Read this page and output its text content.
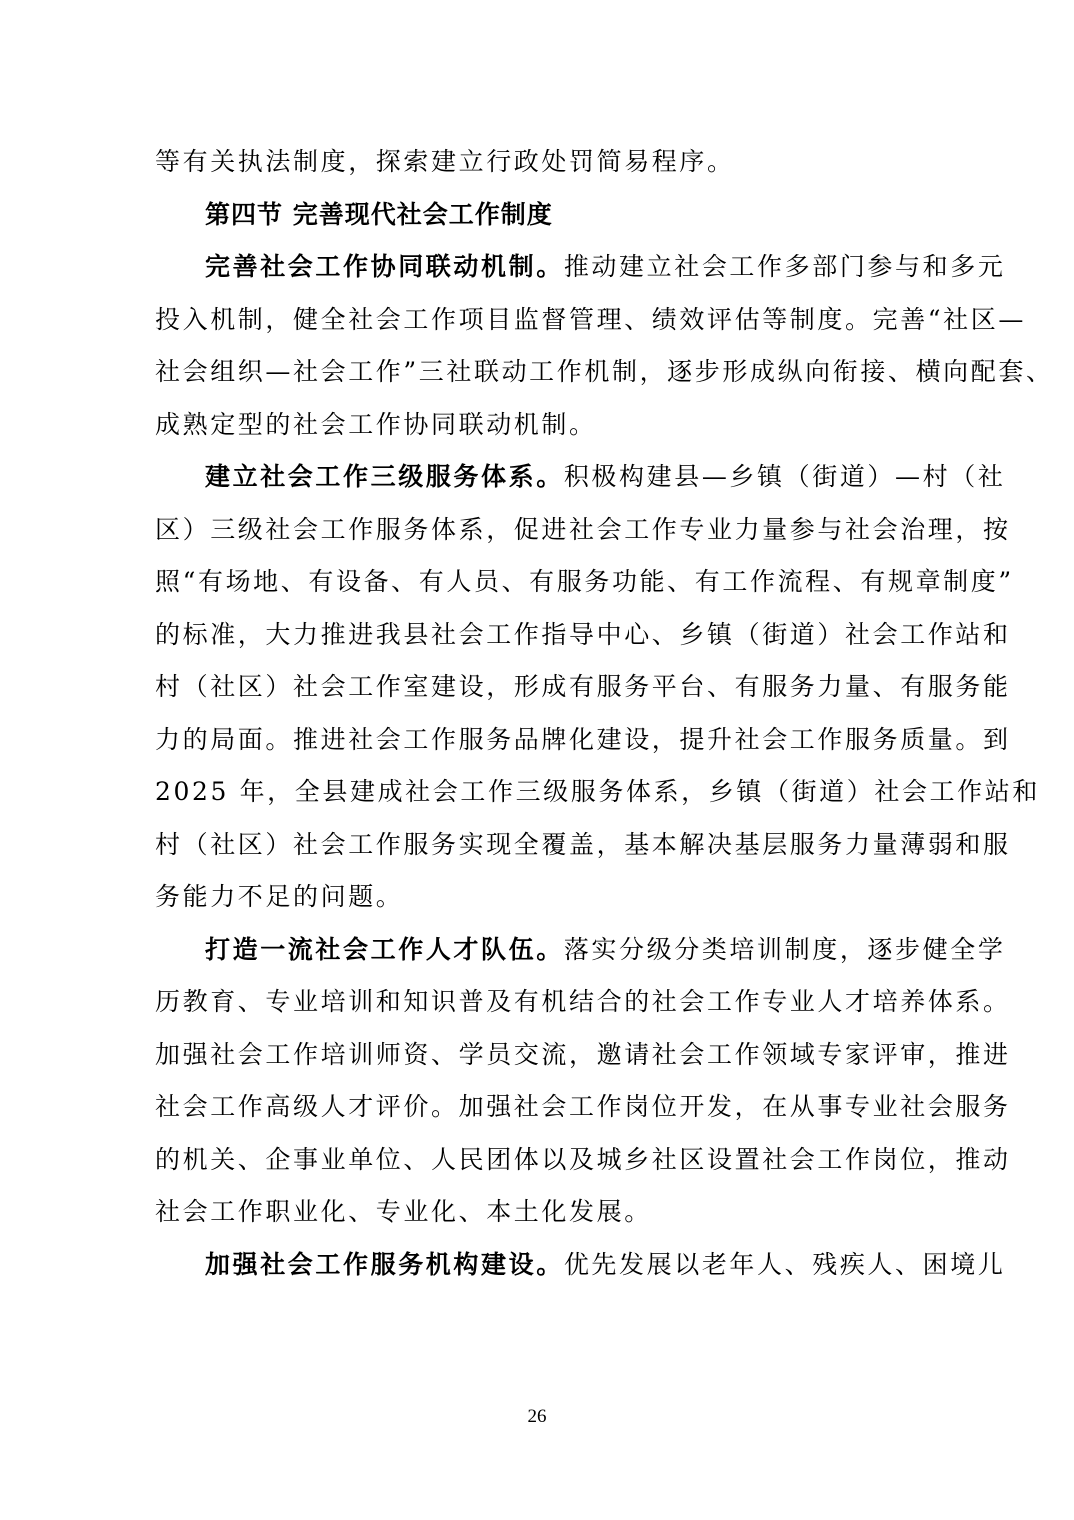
等有关执法制度，探索建立行政处罚简易程序。
第四节 完善现代社会工作制度
完善社会工作协同联动机制。推动建立社会工作多部门参与和多元
投入机制，健全社会工作项目监督管理、绩效评估等制度。完善“社区—
社会组织—社会工作”三社联动工作机制，逐步形成纵向衔接、横向配套、
成熟定型的社会工作协同联动机制。
建立社会工作三级服务体系。积极构建县—乡镇（街道）—村（社
区）三级社会工作服务体系，促进社会工作专业力量参与社会治理，按
照“有场地、有设备、有人员、有服务功能、有工作流程、有规章制度”
的标准，大力推进我县社会工作指导中心、乡镇（街道）社会工作站和
村（社区）社会工作室建设，形成有服务平台、有服务力量、有服务能
力的局面。推进社会工作服务品牌化建设，提升社会工作服务质量。到
2025 年，全县建成社会工作三级服务体系，乡镇（街道）社会工作站和
村（社区）社会工作服务实现全覆盖，基本解决基层服务力量薄弱和服
务能力不足的问题。
打造一流社会工作人才队伍。落实分级分类培训制度，逐步健全学
历教育、专业培训和知识普及有机结合的社会工作专业人才培养体系。
加强社会工作培训师资、学员交流，邀请社会工作领域专家评审，推进
社会工作高级人才评价。加强社会工作岗位开发，在从事专业社会服务
的机关、企事业单位、人民团体以及城乡社区设置社会工作岗位，推动
社会工作职业化、专业化、本土化发展。
加强社会工作服务机构建设。优先发展以老年人、残疾人、困境儿
26
